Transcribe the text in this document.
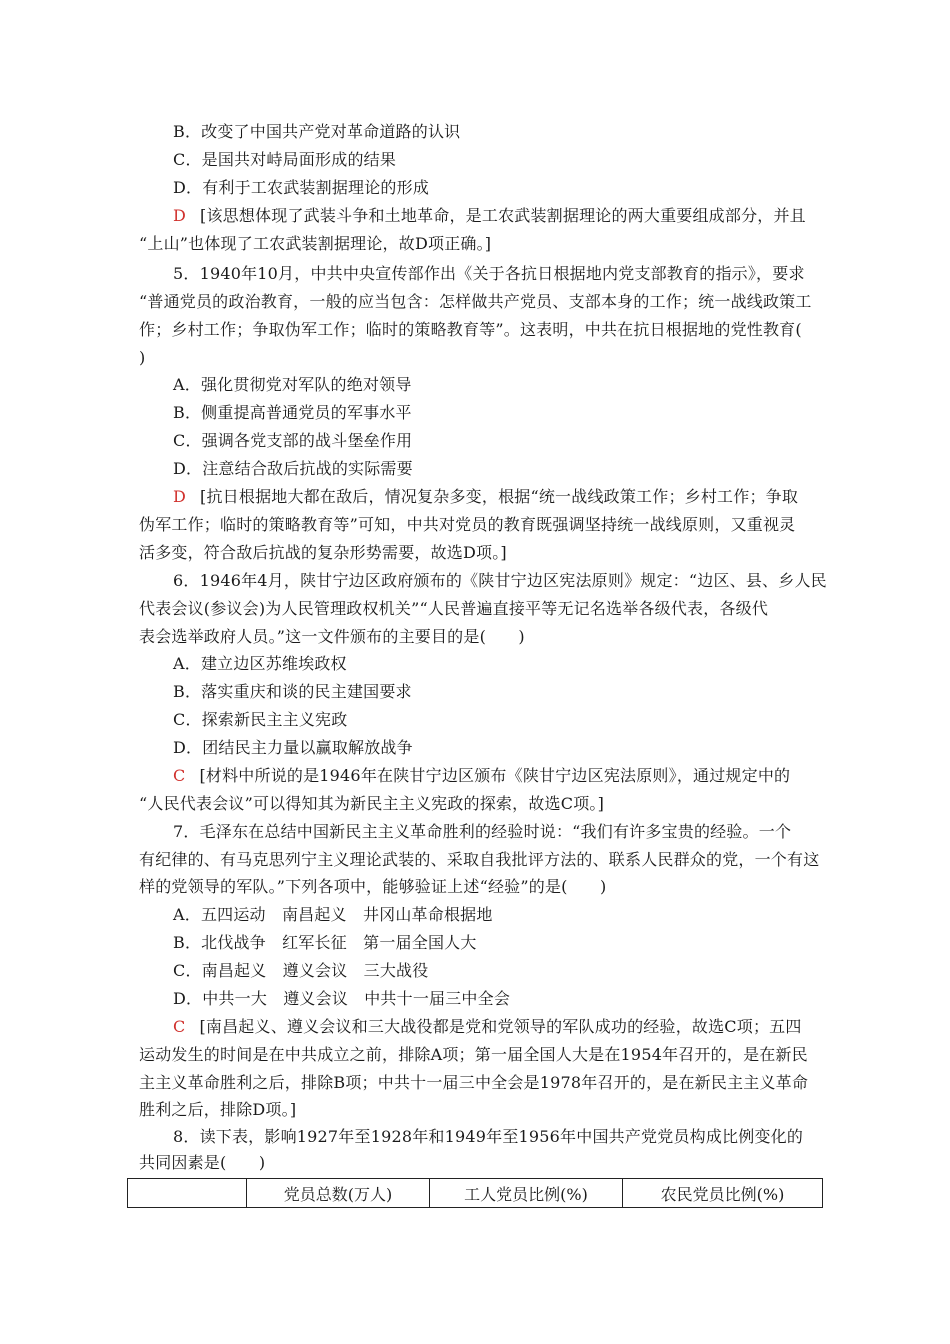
B．改变了中国共产党对革命道路的认识
C．是国共对峙局面形成的结果
D．有利于工农武装割据理论的形成
D [该思想体现了武装斗争和土地革命，是工农武装割据理论的两大重要组成部分，并且
“上山”也体现了工农武装割据理论，故D项正确。]
5．1940年10月，中共中央宣传部作出《关于各抗日根据地内党支部教育的指示》，要求
“普通党员的政治教育，一般的应当包含：怎样做共产党员、支部本身的工作；统一战线政策工
作；乡村工作；争取伪军工作；临时的策略教育等”。这表明，中共在抗日根据地的党性教育(
)
A．强化贯彻党对军队的绝对领导
B．侧重提高普通党员的军事水平
C．强调各党支部的战斗堡垒作用
D．注意结合敌后抗战的实际需要
D [抗日根据地大都在敌后，情况复杂多变，根据“统一战线政策工作；乡村工作；争取
伪军工作；临时的策略教育等”可知，中共对党员的教育既强调坚持统一战线原则，又重视灵
活多变，符合敌后抗战的复杂形势需要，故选D项。]
6．1946年4月，陕甘宁边区政府颁布的《陕甘宁边区宪法原则》规定：“边区、县、乡人民
代表会议(参议会)为人民管理政权机关”“人民普遍直接平等无记名选举各级代表，各级代
表会选举政府人员。”这一文件颁布的主要目的是(　　)
A．建立边区苏维埃政权
B．落实重庆和谈的民主建国要求
C．探索新民主主义宪政
D．团结民主力量以赢取解放战争
C [材料中所说的是1946年在陕甘宁边区颁布《陕甘宁边区宪法原则》，通过规定中的
“人民代表会议”可以得知其为新民主主义宪政的探索，故选C项。]
7．毛泽东在总结中国新民主主义革命胜利的经验时说：“我们有许多宝贵的经验。一个
有纪律的、有马克思列宁主义理论武装的、采取自我批评方法的、联系人民群众的党，一个有这
样的党领导的军队。”下列各项中，能够验证上述“经验”的是(　　)
A．五四运动　南昌起义　井冈山革命根据地
B．北伐战争　红军长征　第一届全国人大
C．南昌起义　遵义会议　三大战役
D．中共一大　遵义会议　中共十一届三中全会
C [南昌起义、遵义会议和三大战役都是党和党领导的军队成功的经验，故选C项；五四
运动发生的时间是在中共成立之前，排除A项；第一届全国人大是在1954年召开的，是在新民
主主义革命胜利之后，排除B项；中共十一届三中全会是1978年召开的，是在新民主主义革命
胜利之后，排除D项。]
8．读下表，影响1927年至1928年和1949年至1956年中国共产党党员构成比例变化的
共同因素是(　　)
	党员总数(万人)	工人党员比例(%)	农民党员比例(%)
